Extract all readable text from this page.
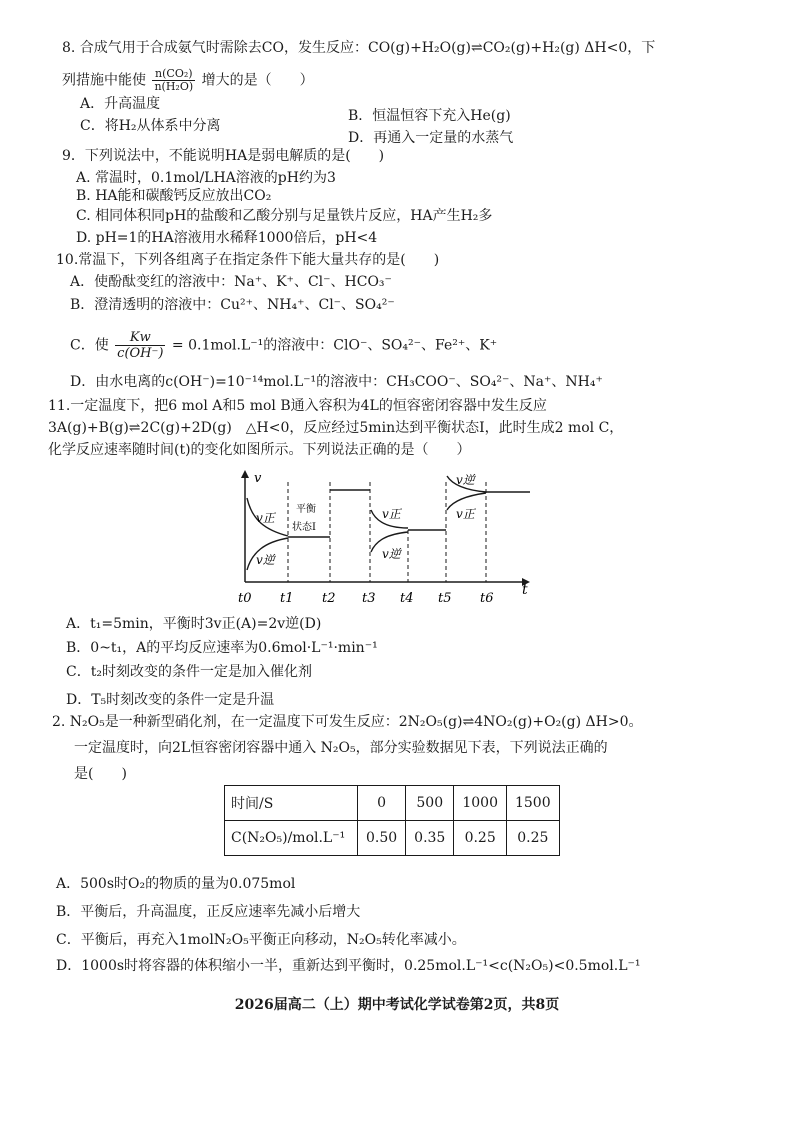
8. 合成气用于合成氨气时需除去CO，发生反应：CO(g)+H₂O(g)⇌CO₂(g)+H₂(g) ΔH<0，下
列措施中能使 $\frac{\text{n(CO₂)}}{\text{n(H₂O)}}$ 增大的是（　　）
A．升高温度
B．恒温恒容下充入He(g)
C．将H₂从体系中分离
D．再通入一定量的水蒸气
9．下列说法中，不能说明HA是弱电解质的是(　　)
A. 常温时，0.1mol/LHA溶液的pH约为3
B. HA能和碳酸钙反应放出CO₂
C. 相同体积同pH的盐酸和乙酸分别与足量铁片反应，HA产生H₂多
D. pH=1的HA溶液用水稀释1000倍后，pH<4
10.常温下，下列各组离子在指定条件下能大量共存的是(　　)
A．使酚酞变红的溶液中：Na⁺、K⁺、Cl⁻、HCO₃⁻
B．澄清透明的溶液中：Cu²⁺、NH₄⁺、Cl⁻、SO₄²⁻
C．使 $\frac{Kw}{c(OH^-)} = 0.1mol.L^{-1}$的溶液中：ClO⁻、SO₄²⁻、Fe²⁺、K⁺
D．由水电离的c(OH⁻)=10⁻¹⁴mol.L⁻¹的溶液中：CH₃COO⁻、SO₄²⁻、Na⁺、NH₄⁺
11.一定温度下，把6 mol A和5 mol B通入容积为4L的恒容密闭容器中发生反应
3A(g)+B(g)⇌2C(g)+2D(g)　△H<0，反应经过5min达到平衡状态I，此时生成2 mol C，
化学反应速率随时间(t)的变化如图所示。下列说法正确的是（　　）
v
t
v正
v逆
平衡
状态Ⅰ
v正
v逆
v逆
v正
t0 t1 t2 t3 t4 t5 t6
A．t₁=5min，平衡时3v正(A)=2v逆(D)
B．0~t₁，A的平均反应速率为0.6mol·L⁻¹·min⁻¹
C．t₂时刻改变的条件一定是加入催化剂
D．T₅时刻改变的条件一定是升温
2. N₂O₅是一种新型硝化剂，在一定温度下可发生反应：2N₂O₅(g)⇌4NO₂(g)+O₂(g) ΔH>0。
一定温度时，向2L恒容密闭容器中通入 N₂O₅，部分实验数据见下表，下列说法正确的
是(　　)
时间/S	0	500	1000	1500
C(N₂O₅)/mol.L⁻¹	0.50	0.35	0.25	0.25
A．500s时O₂的物质的量为0.075mol
B．平衡后，升高温度，正反应速率先减小后增大
C．平衡后，再充入1molN₂O₅平衡正向移动，N₂O₅转化率减小。
D．1000s时将容器的体积缩小一半，重新达到平衡时，0.25mol.L⁻¹<c(N₂O₅)<0.5mol.L⁻¹
2026届高二（上）期中考试化学试卷第2页，共8页
